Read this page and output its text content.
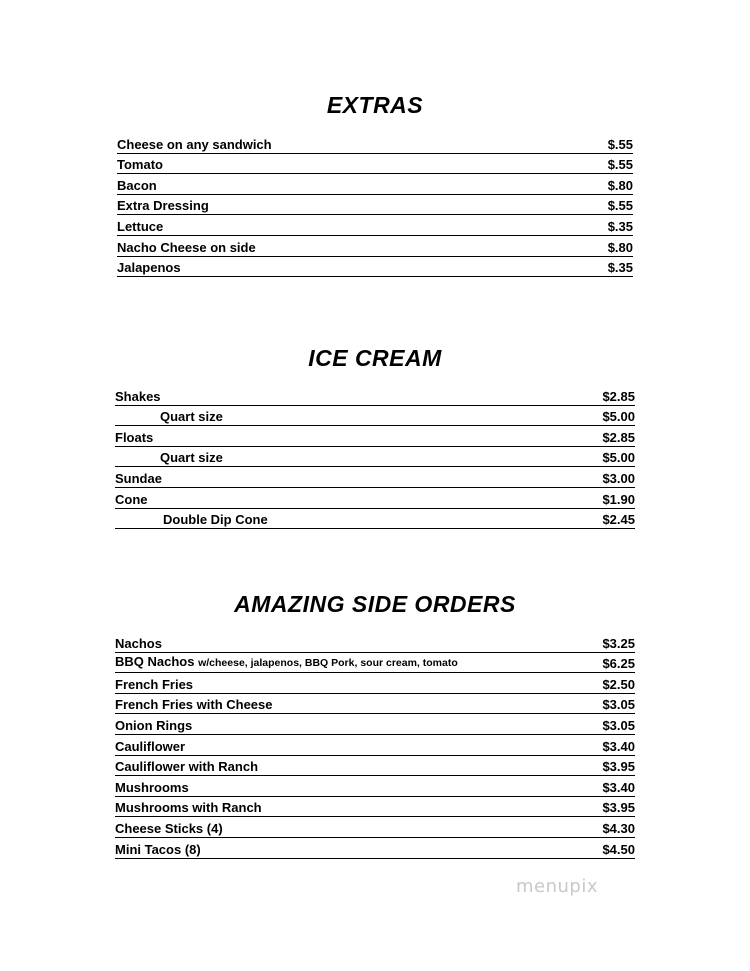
EXTRAS
Cheese on any sandwich	$.55
Tomato	$.55
Bacon	$.80
Extra Dressing	$.55
Lettuce	$.35
Nacho Cheese on side	$.80
Jalapenos	$.35
ICE CREAM
Shakes	$2.85
Quart size	$5.00
Floats	$2.85
Quart size	$5.00
Sundae	$3.00
Cone	$1.90
Double Dip Cone	$2.45
AMAZING SIDE ORDERS
Nachos	$3.25
BBQ Nachos w/cheese, jalapenos, BBQ Pork, sour cream, tomato	$6.25
French Fries	$2.50
French Fries with Cheese	$3.05
Onion Rings	$3.05
Cauliflower	$3.40
Cauliflower with Ranch	$3.95
Mushrooms	$3.40
Mushrooms with Ranch	$3.95
Cheese Sticks (4)	$4.30
Mini Tacos (8)	$4.50
menupix
